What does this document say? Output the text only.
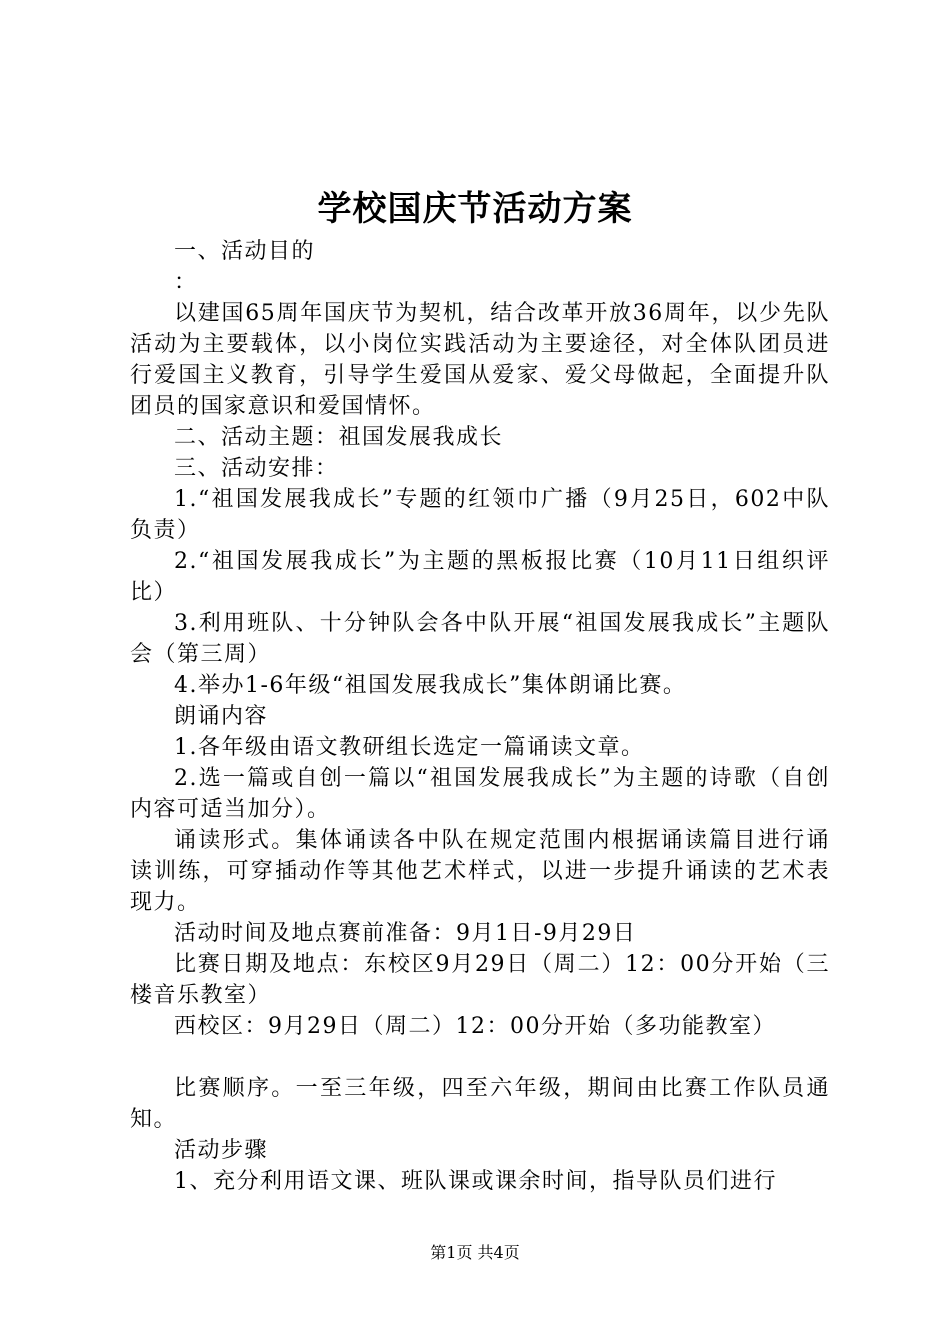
学校国庆节活动方案

一、活动目的

：

以建国65周年国庆节为契机，结合改革开放36周年，以少先队活动为主要载体，以小岗位实践活动为主要途径，对全体队团员进行爱国主义教育，引导学生爱国从爱家、爱父母做起，全面提升队团员的国家意识和爱国情怀。

二、活动主题：祖国发展我成长

三、活动安排：

1.“祖国发展我成长”专题的红领巾广播（9月25日，602中队负责）

2.“祖国发展我成长”为主题的黑板报比赛（10月11日组织评比）

3.利用班队、十分钟队会各中队开展“祖国发展我成长”主题队会（第三周）

4.举办1-6年级“祖国发展我成长”集体朗诵比赛。

朗诵内容

1.各年级由语文教研组长选定一篇诵读文章。

2.选一篇或自创一篇以“祖国发展我成长”为主题的诗歌（自创内容可适当加分）。

诵读形式。集体诵读各中队在规定范围内根据诵读篇目进行诵读训练，可穿插动作等其他艺术样式，以进一步提升诵读的艺术表现力。

活动时间及地点赛前准备：9月1日-9月29日

比赛日期及地点：东校区9月29日（周二）12：00分开始（三楼音乐教室）

西校区：9月29日（周二）12：00分开始（多功能教室）

比赛顺序。一至三年级，四至六年级，期间由比赛工作队员通知。

活动步骤

1、充分利用语文课、班队课或课余时间，指导队员们进行

第1页 共4页
